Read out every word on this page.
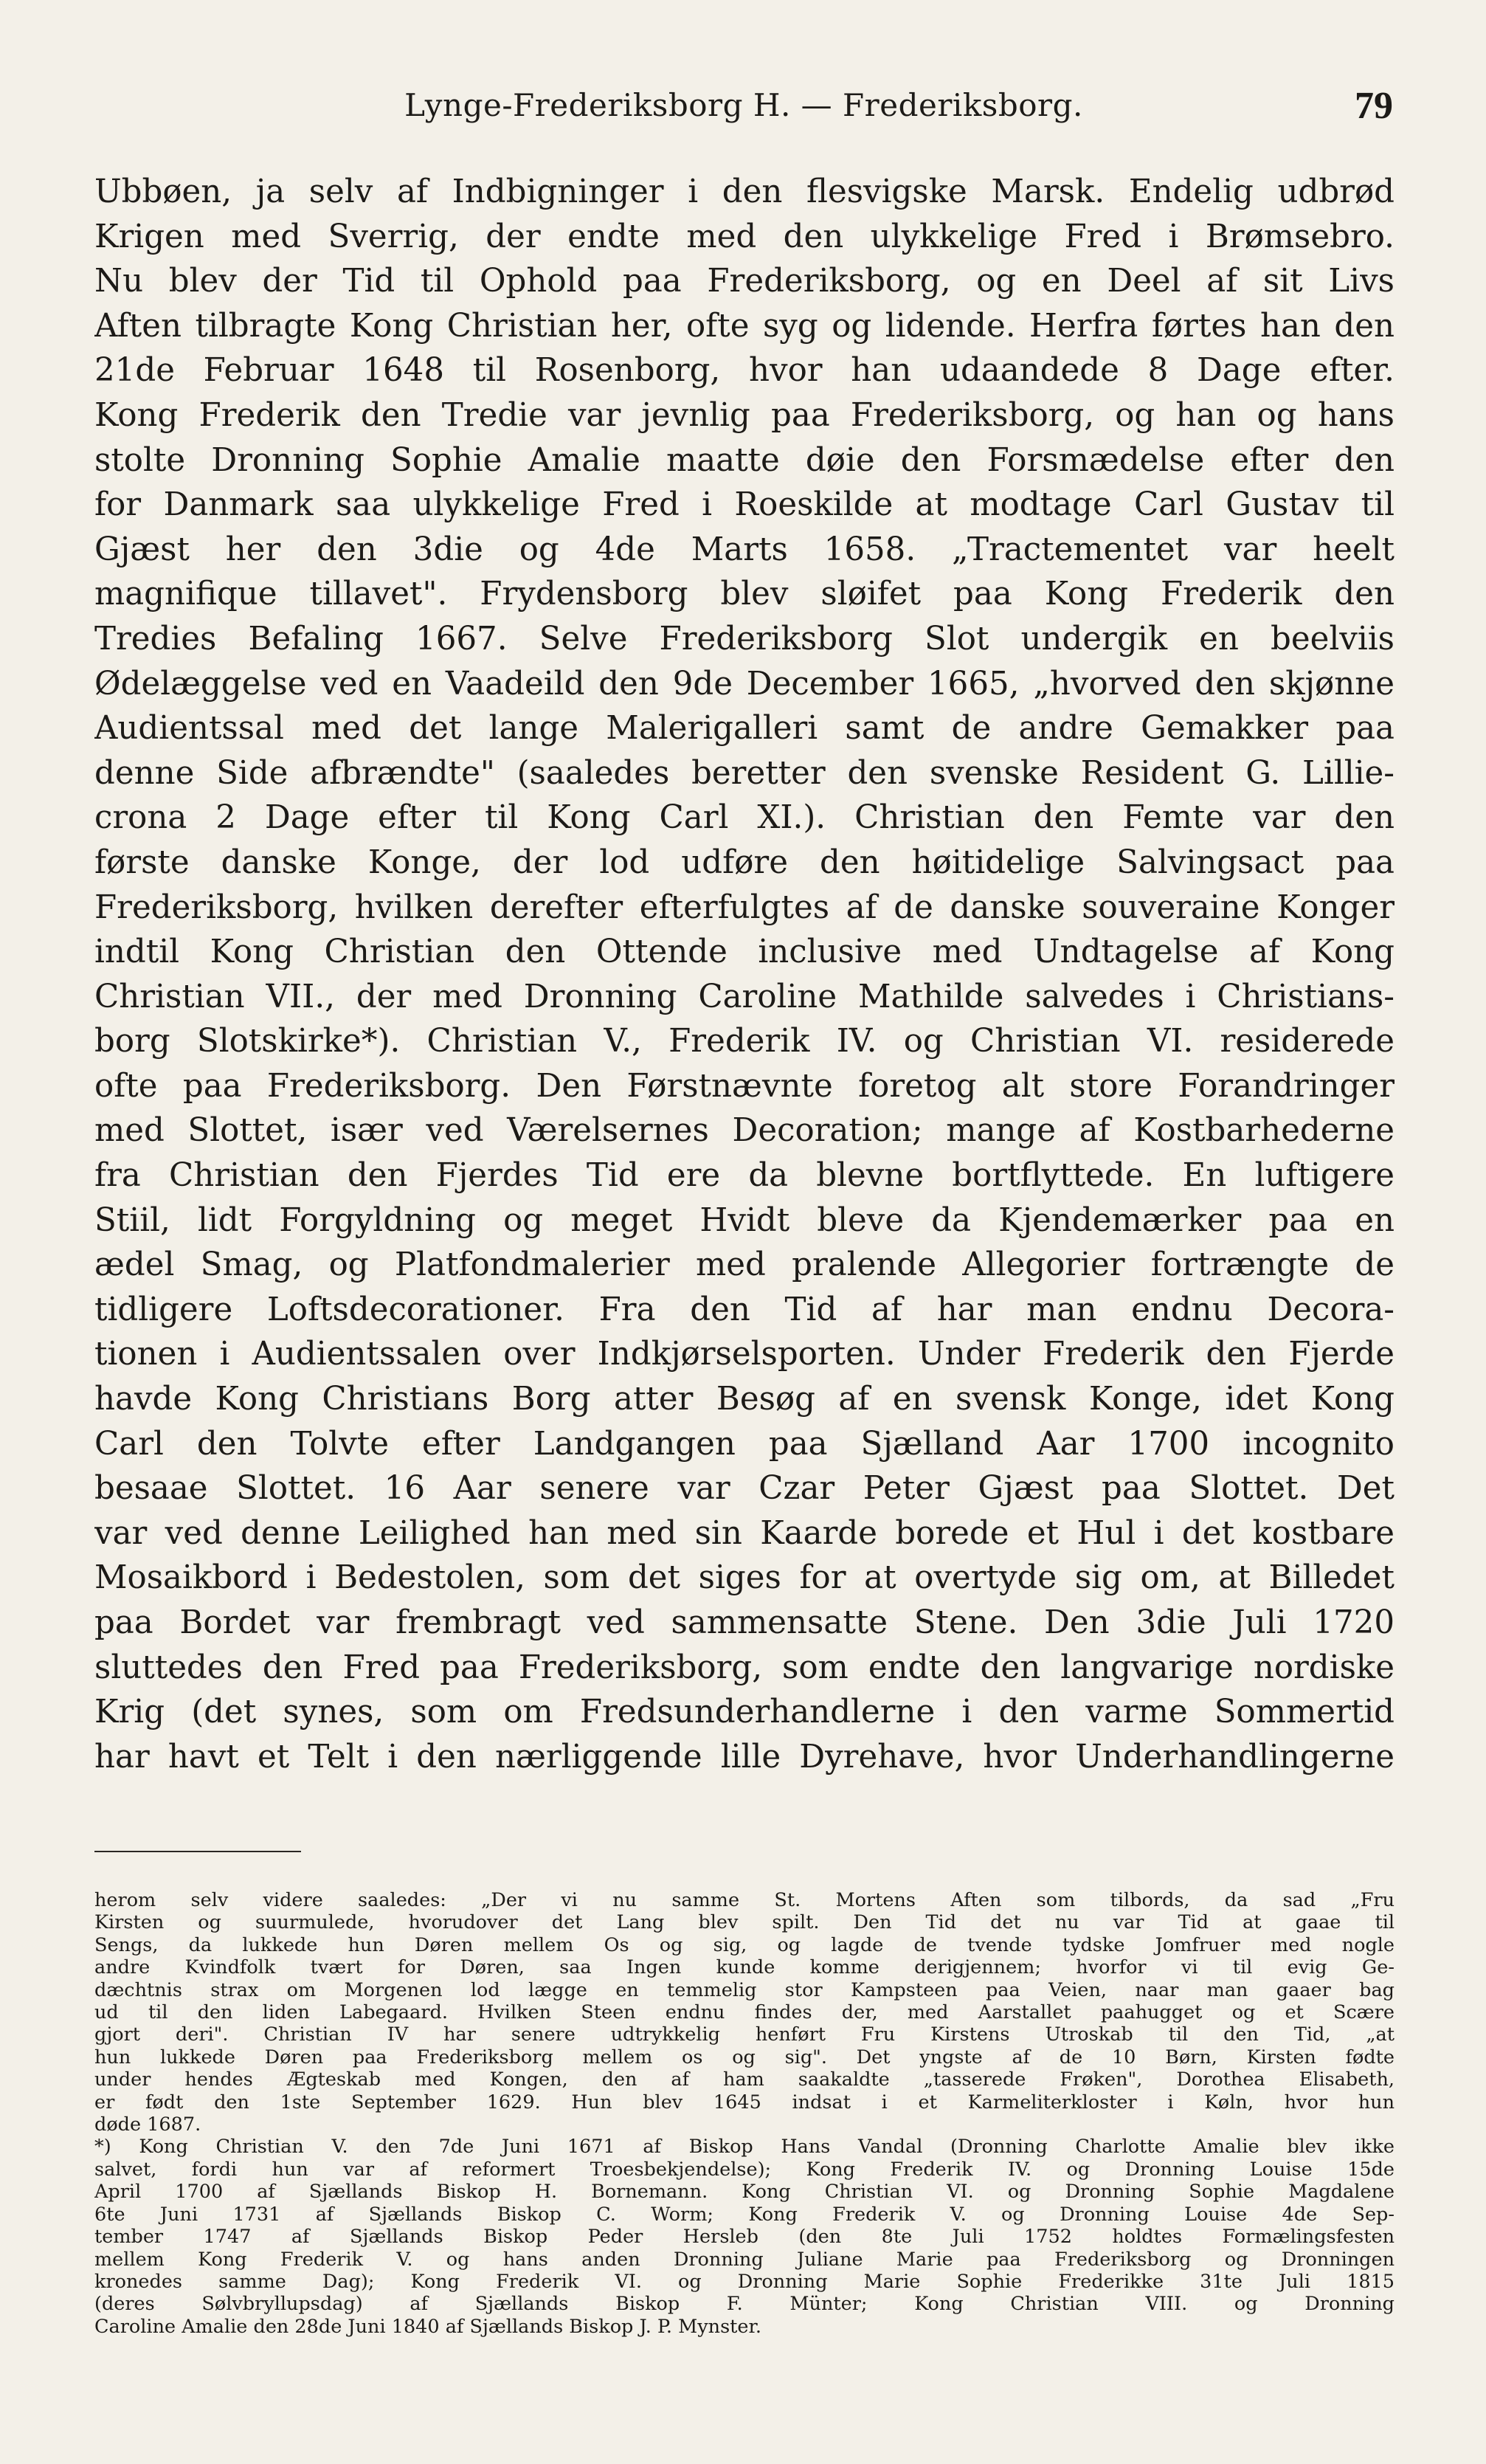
Lynge-Frederiksborg H. — Frederiksborg.	79
Ubbøen, ja selv af Indbigninger i den flesvigske Marsk. Endelig udbrød
Krigen med Sverrig, der endte med den ulykkelige Fred i Brømsebro.
Nu blev der Tid til Ophold paa Frederiksborg, og en Deel af sit Livs
Aften tilbragte Kong Christian her, ofte syg og lidende. Herfra førtes han den
21de Februar 1648 til Rosenborg, hvor han udaandede 8 Dage efter.
Kong Frederik den Tredie var jevnlig paa Frederiksborg, og han og hans
stolte Dronning Sophie Amalie maatte døie den Forsmædelse efter den
for Danmark saa ulykkelige Fred i Roeskilde at modtage Carl Gustav til
Gjæst her den 3die og 4de Marts 1658. „Tractementet var heelt
magnifique tillavet". Frydensborg blev sløifet paa Kong Frederik den
Tredies Befaling 1667. Selve Frederiksborg Slot undergik en beelviis
Ødelæggelse ved en Vaadeild den 9de December 1665, „hvorved den skjønne
Audientssal med det lange Malerigalleri samt de andre Gemakker paa
denne Side afbrændte" (saaledes beretter den svenske Resident G. Lillie-
crona 2 Dage efter til Kong Carl XI.). Christian den Femte var den
første danske Konge, der lod udføre den høitidelige Salvingsact paa
Frederiksborg, hvilken derefter efterfulgtes af de danske souveraine Konger
indtil Kong Christian den Ottende inclusive med Undtagelse af Kong
Christian VII., der med Dronning Caroline Mathilde salvedes i Christians-
borg Slotskirke*). Christian V., Frederik IV. og Christian VI. residerede
ofte paa Frederiksborg. Den Førstnævnte foretog alt store Forandringer
med Slottet, især ved Værelsernes Decoration; mange af Kostbarhederne
fra Christian den Fjerdes Tid ere da blevne bortflyttede. En luftigere
Stiil, lidt Forgyldning og meget Hvidt bleve da Kjendemærker paa en
ædel Smag, og Platfondmalerier med pralende Allegorier fortrængte de
tidligere Loftsdecorationer. Fra den Tid af har man endnu Decora-
tionen i Audientssalen over Indkjørselsporten. Under Frederik den Fjerde
havde Kong Christians Borg atter Besøg af en svensk Konge, idet Kong
Carl den Tolvte efter Landgangen paa Sjælland Aar 1700 incognito
besaae Slottet. 16 Aar senere var Czar Peter Gjæst paa Slottet. Det
var ved denne Leilighed han med sin Kaarde borede et Hul i det kostbare
Mosaikbord i Bedestolen, som det siges for at overtyde sig om, at Billedet
paa Bordet var frembragt ved sammensatte Stene. Den 3die Juli 1720
sluttedes den Fred paa Frederiksborg, som endte den langvarige nordiske
Krig (det synes, som om Fredsunderhandlerne i den varme Sommertid
har havt et Telt i den nærliggende lille Dyrehave, hvor Underhandlingerne
herom selv videre saaledes: „Der vi nu samme St. Mortens Aften som tilbords, da sad „Fru
Kirsten og suurmulede, hvorudover det Lang blev spilt. Den Tid det nu var Tid at gaae til
Sengs, da lukkede hun Døren mellem Os og sig, og lagde de tvende tydske Jomfruer med nogle
andre Kvindfolk tvært for Døren, saa Ingen kunde komme derigjennem; hvorfor vi til evig Ge-
dæchtnis strax om Morgenen lod lægge en temmelig stor Kampsteen paa Veien, naar man gaaer bag
ud til den liden Labegaard. Hvilken Steen endnu findes der, med Aarstallet paahugget og et Scære
gjort deri". Christian IV har senere udtrykkelig henført Fru Kirstens Utroskab til den Tid, „at
hun lukkede Døren paa Frederiksborg mellem os og sig". Det yngste af de 10 Børn, Kirsten fødte
under hendes Ægteskab med Kongen, den af ham saakaldte „tasserede Frøken", Dorothea Elisabeth,
er født den 1ste September 1629. Hun blev 1645 indsat i et Karmeliterkloster i Køln, hvor hun
døde 1687.
*) Kong Christian V. den 7de Juni 1671 af Biskop Hans Vandal (Dronning Charlotte Amalie blev ikke
salvet, fordi hun var af reformert Troesbekjendelse); Kong Frederik IV. og Dronning Louise 15de
April 1700 af Sjællands Biskop H. Bornemann. Kong Christian VI. og Dronning Sophie Magdalene
6te Juni 1731 af Sjællands Biskop C. Worm; Kong Frederik V. og Dronning Louise 4de Sep-
tember 1747 af Sjællands Biskop Peder Hersleb (den 8te Juli 1752 holdtes Formælingsfesten
mellem Kong Frederik V. og hans anden Dronning Juliane Marie paa Frederiksborg og Dronningen
kronedes samme Dag); Kong Frederik VI. og Dronning Marie Sophie Frederikke 31te Juli 1815
(deres Sølvbryllupsdag) af Sjællands Biskop F. Münter; Kong Christian VIII. og Dronning
Caroline Amalie den 28de Juni 1840 af Sjællands Biskop J. P. Mynster.
